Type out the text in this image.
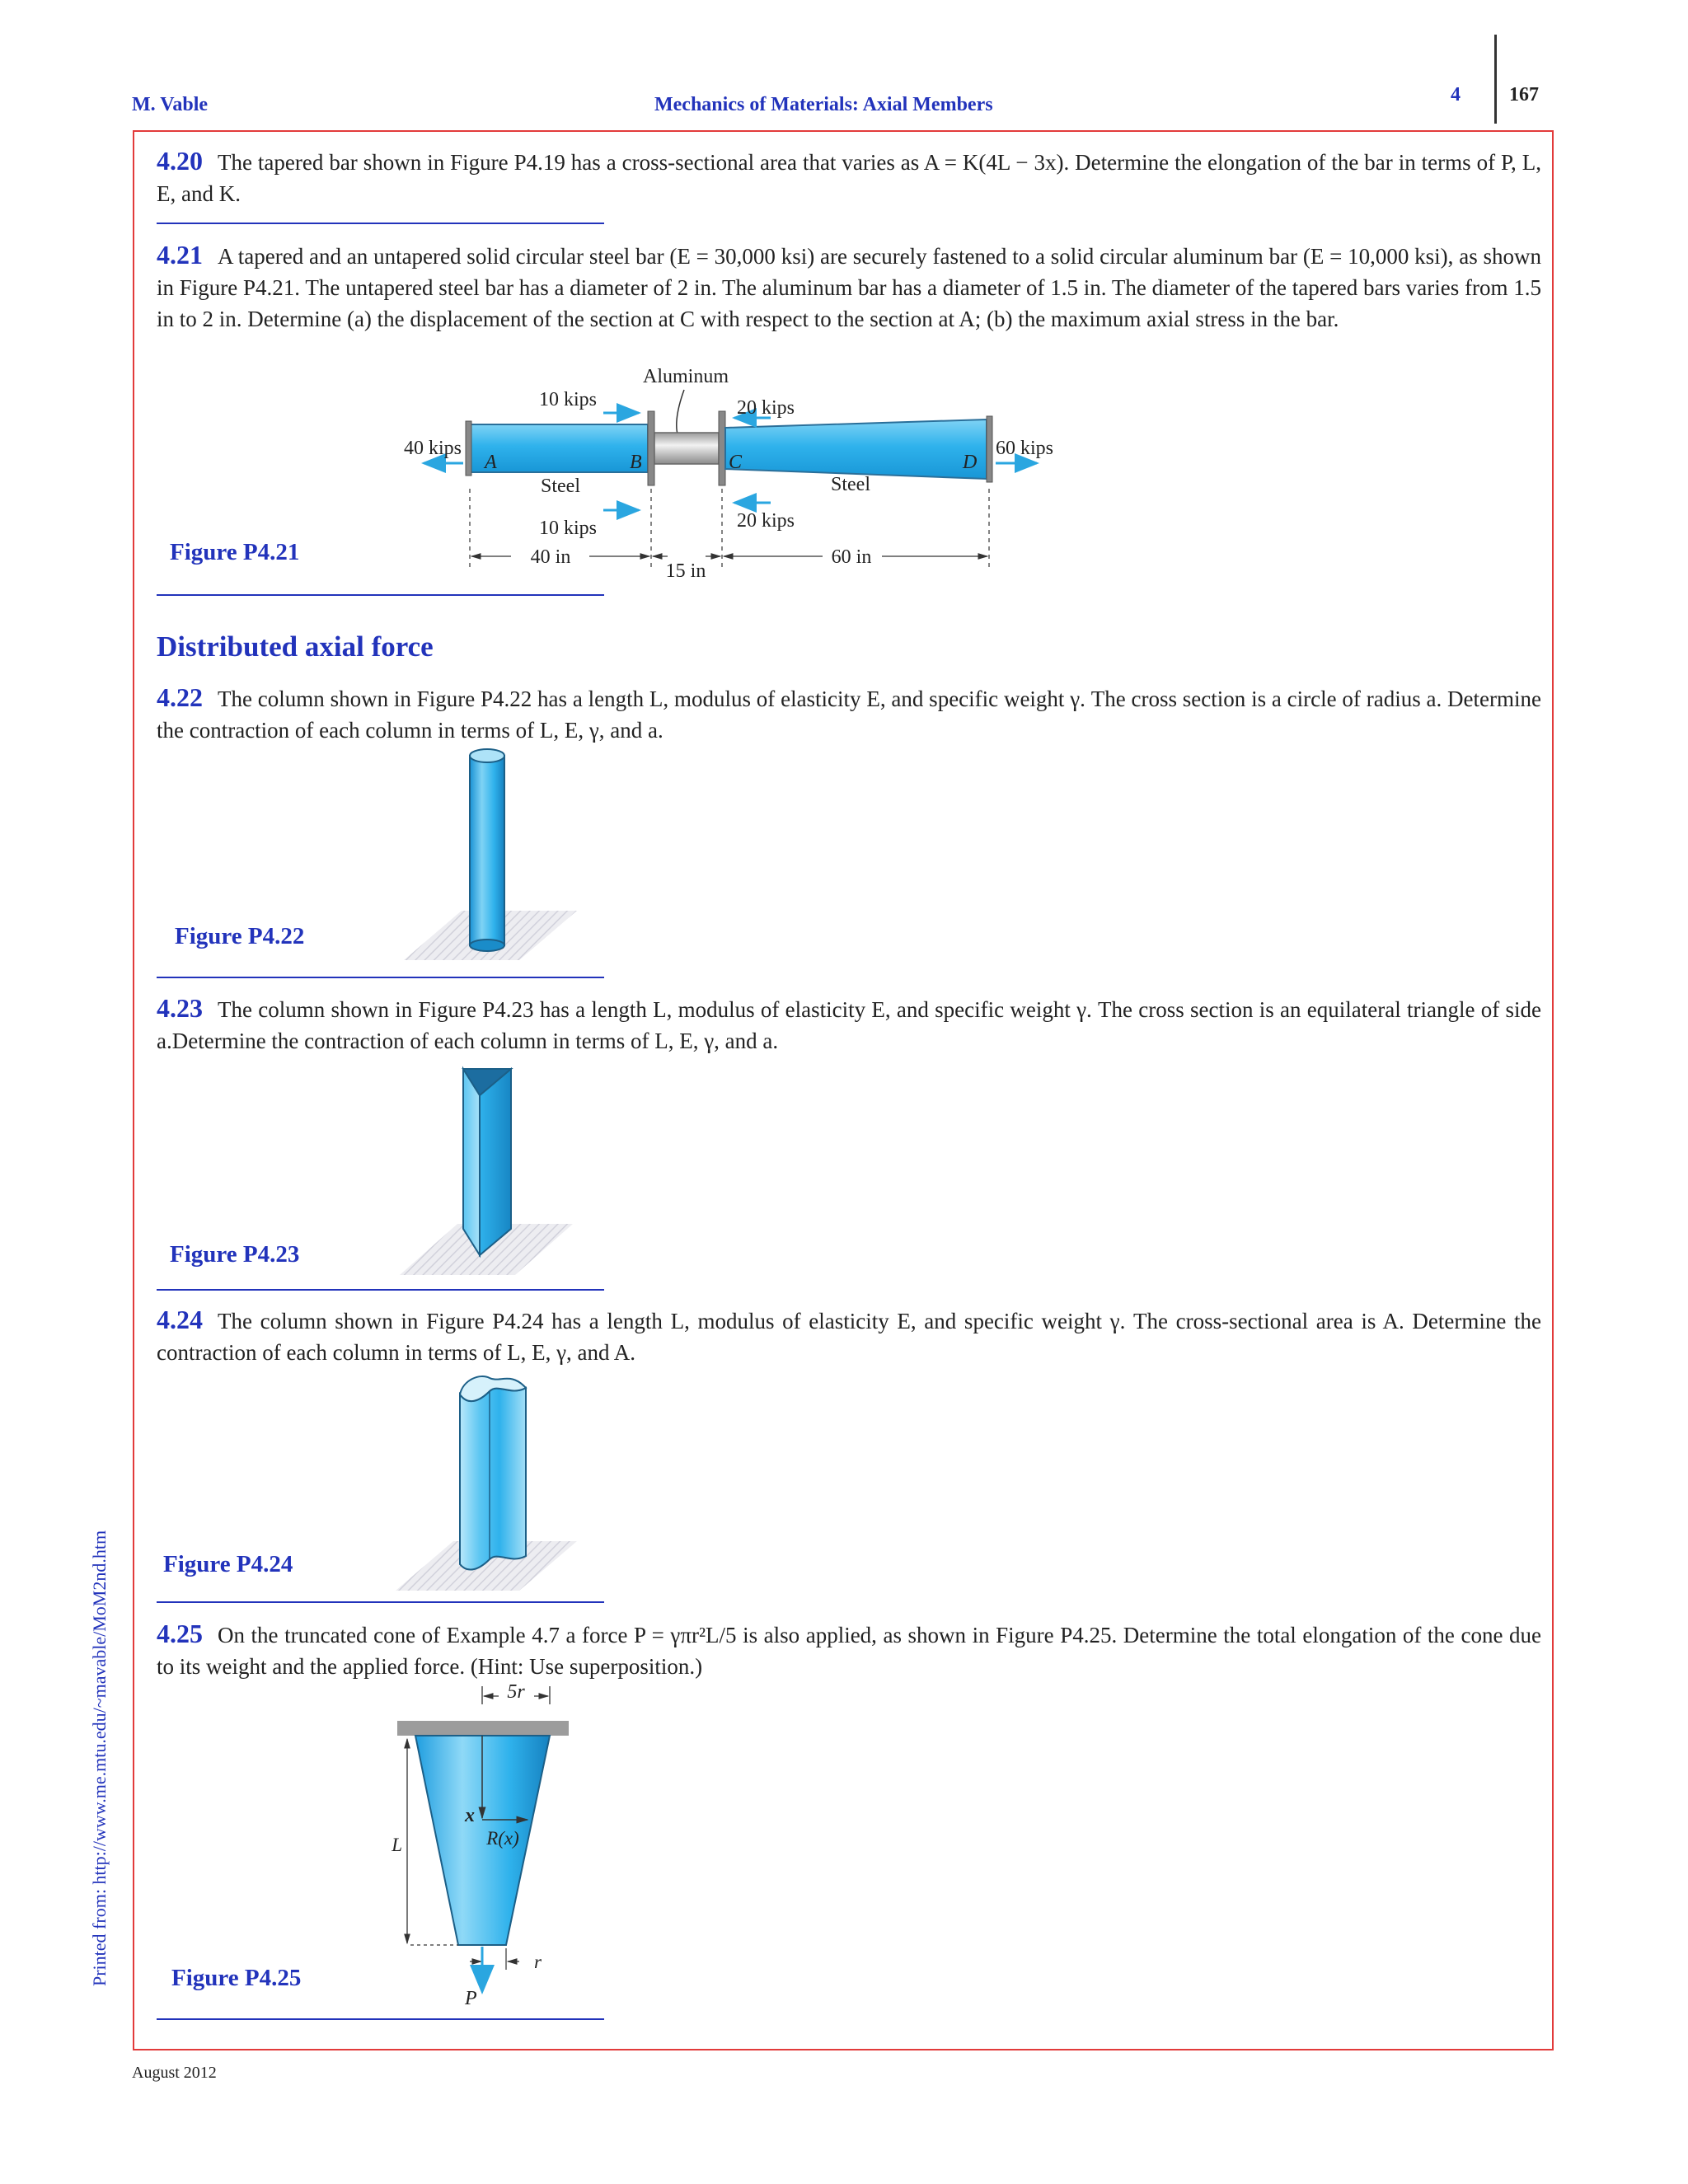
M. Vable	Mechanics of Materials: Axial Members	4 167
4.20 The tapered bar shown in Figure P4.19 has a cross-sectional area that varies as A = K(4L − 3x). Determine the elongation of the bar in terms of P, L, E, and K.
4.21 A tapered and an untapered solid circular steel bar (E = 30,000 ksi) are securely fastened to a solid circular aluminum bar (E = 10,000 ksi), as shown in Figure P4.21. The untapered steel bar has a diameter of 2 in. The aluminum bar has a diameter of 1.5 in. The diameter of the tapered bars varies from 1.5 in to 2 in. Determine (a) the displacement of the section at C with respect to the section at A; (b) the maximum axial stress in the bar.
Aluminum
A	B	C	D
Steel	Steel
40 kips
10 kips
10 kips
20 kips
20 kips
60 kips
40 in
15 in
60 in
Figure P4.21
Distributed axial force
4.22 The column shown in Figure P4.22 has a length L, modulus of elasticity E, and specific weight γ. The cross section is a circle of radius a. Determine the contraction of each column in terms of L, E, γ, and a.
Figure P4.22
4.23 The column shown in Figure P4.23 has a length L, modulus of elasticity E, and specific weight γ. The cross section is an equilateral triangle of side a.Determine the contraction of each column in terms of L, E, γ, and a.
Figure P4.23
4.24 The column shown in Figure P4.24 has a length L, modulus of elasticity E, and specific weight γ. The cross-sectional area is A. Determine the contraction of each column in terms of L, E, γ, and A.
Figure P4.24
4.25 On the truncated cone of Example 4.7 a force P = γπr²L/5 is also applied, as shown in Figure P4.25. Determine the total elongation of the cone due to its weight and the applied force. (Hint: Use superposition.)
5r
x
R(x)
L
r
P
Figure P4.25
Printed from: http://www.me.mtu.edu/~mavable/MoM2nd.htm
August 2012
